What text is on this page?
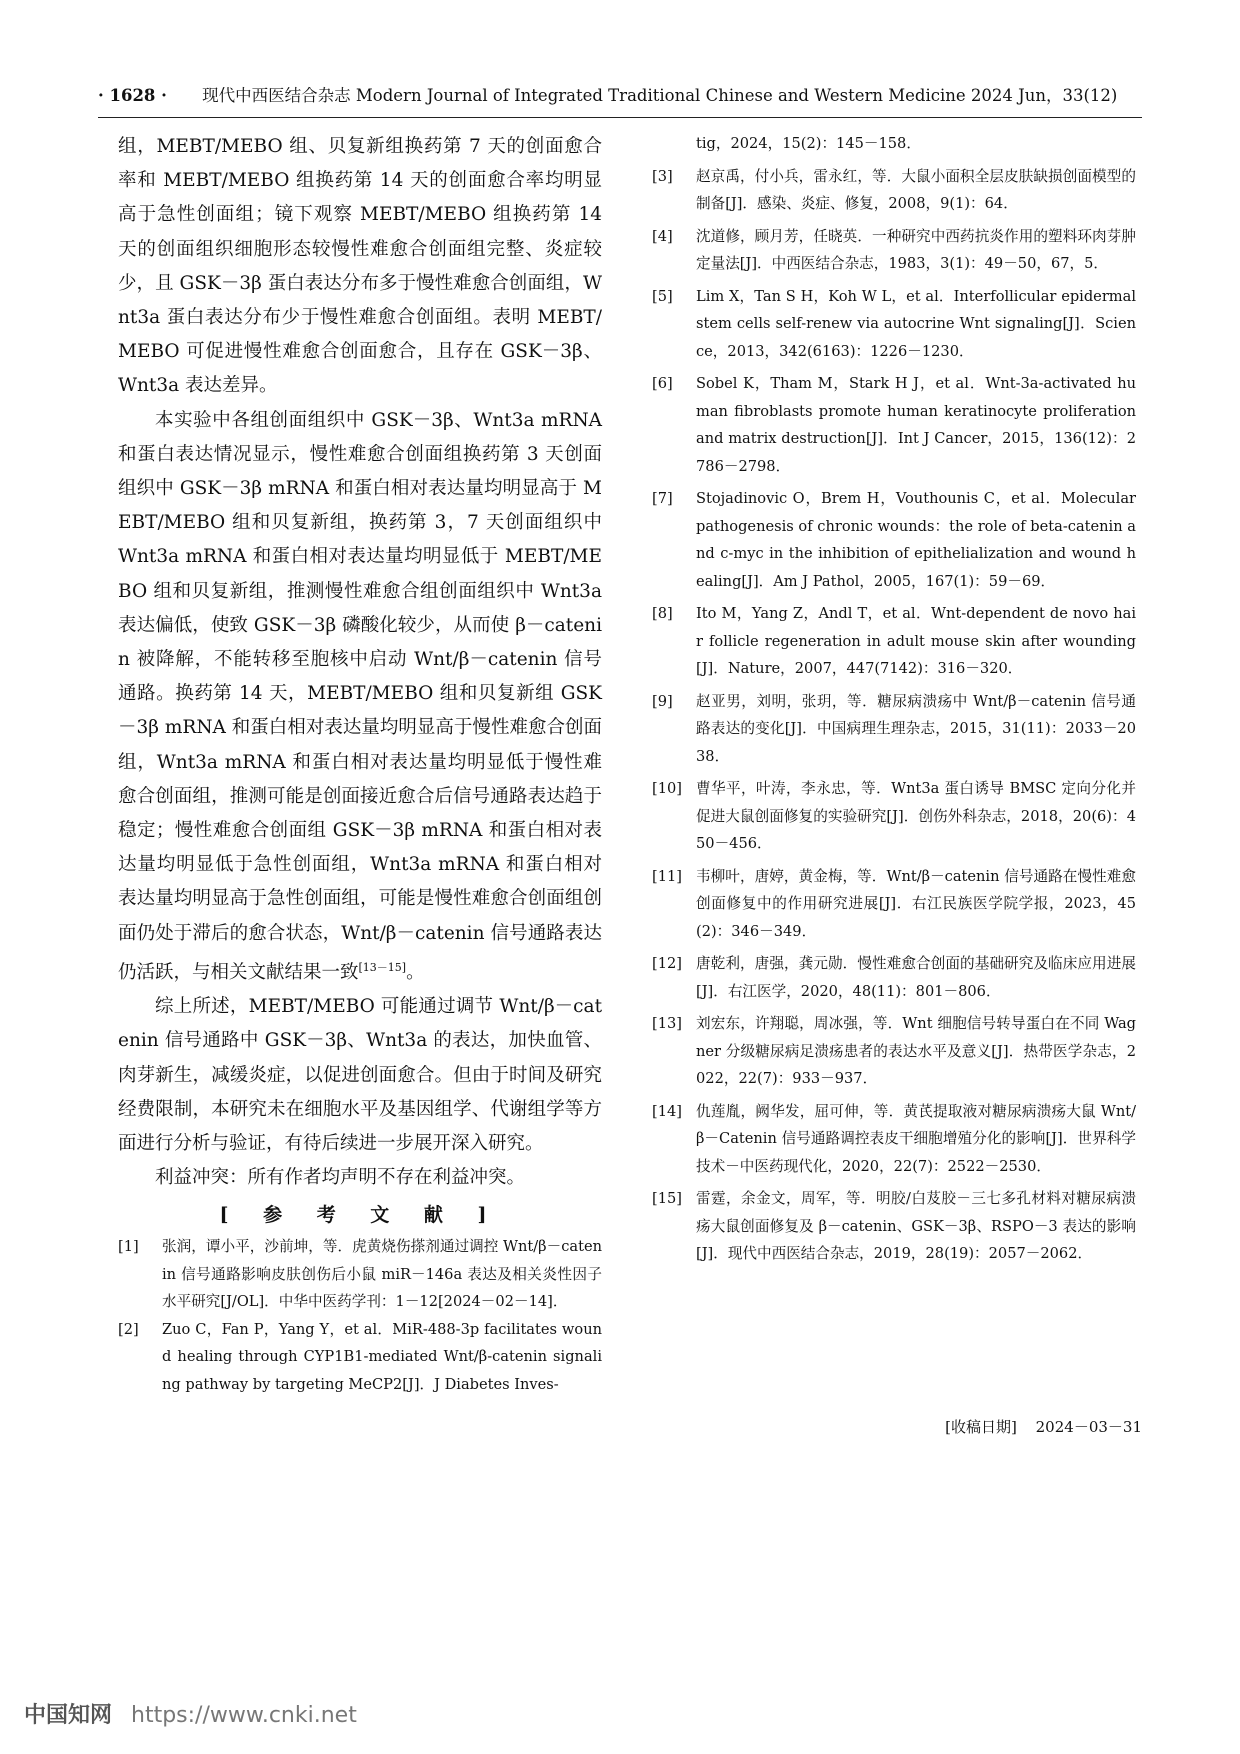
· 1628 · 现代中西医结合杂志 Modern Journal of Integrated Traditional Chinese and Western Medicine 2024 Jun，33(12)

组，MEBT/MEBO 组、贝复新组换药第 7 天的创面愈合率和 MEBT/MEBO 组换药第 14 天的创面愈合率均明显高于急性创面组；镜下观察 MEBT/MEBO 组换药第 14 天的创面组织细胞形态较慢性难愈合创面组完整、炎症较少，且 GSK－3β 蛋白表达分布多于慢性难愈合创面组，Wnt3a 蛋白表达分布少于慢性难愈合创面组。表明 MEBT/MEBO 可促进慢性难愈合创面愈合，且存在 GSK－3β、Wnt3a 表达差异。

本实验中各组创面组织中 GSK－3β、Wnt3a mRNA 和蛋白表达情况显示，慢性难愈合创面组换药第 3 天创面组织中 GSK－3β mRNA 和蛋白相对表达量均明显高于 MEBT/MEBO 组和贝复新组，换药第 3，7 天创面组织中 Wnt3a mRNA 和蛋白相对表达量均明显低于 MEBT/MEBO 组和贝复新组，推测慢性难愈合组创面组织中 Wnt3a 表达偏低，使致 GSK－3β 磷酸化较少，从而使 β－catenin 被降解，不能转移至胞核中启动 Wnt/β－catenin 信号通路。换药第 14 天，MEBT/MEBO 组和贝复新组 GSK－3β mRNA 和蛋白相对表达量均明显高于慢性难愈合创面组，Wnt3a mRNA 和蛋白相对表达量均明显低于慢性难愈合创面组，推测可能是创面接近愈合后信号通路表达趋于稳定；慢性难愈合创面组 GSK－3β mRNA 和蛋白相对表达量均明显低于急性创面组，Wnt3a mRNA 和蛋白相对表达量均明显高于急性创面组，可能是慢性难愈合创面组创面仍处于滞后的愈合状态，Wnt/β－catenin 信号通路表达仍活跃，与相关文献结果一致[13－15]。

综上所述，MEBT/MEBO 可能通过调节 Wnt/β－catenin 信号通路中 GSK－3β、Wnt3a 的表达，加快血管、肉芽新生，减缓炎症，以促进创面愈合。但由于时间及研究经费限制，本研究未在细胞水平及基因组学、代谢组学等方面进行分析与验证，有待后续进一步展开深入研究。

利益冲突：所有作者均声明不存在利益冲突。

[ 参 考 文 献 ]
[1]	张润，谭小平，沙前坤，等．虎黄烧伤搽剂通过调控 Wnt/β－catenin 信号通路影响皮肤创伤后小鼠 miR－146a 表达及相关炎性因子水平研究[J/OL]．中华中医药学刊：1－12[2024－02－14]．
[2]	Zuo C，Fan P，Yang Y，et al．MiR-488-3p facilitates wound healing through CYP1B1-mediated Wnt/β-catenin signaling pathway by targeting MeCP2[J]．J Diabetes Inves-
tig，2024，15(2)：145－158．
[3]	赵京禹，付小兵，雷永红，等．大鼠小面积全层皮肤缺损创面模型的制备[J]．感染、炎症、修复，2008，9(1)：64．
[4]	沈道修，顾月芳，任晓英．一种研究中西药抗炎作用的塑料环肉芽肿定量法[J]．中西医结合杂志，1983，3(1)：49－50，67，5．
[5]	Lim X，Tan S H，Koh W L，et al．Interfollicular epidermal stem cells self-renew via autocrine Wnt signaling[J]．Science，2013，342(6163)：1226－1230．
[6]	Sobel K，Tham M，Stark H J，et al．Wnt-3a-activated human fibroblasts promote human keratinocyte proliferation and matrix destruction[J]．Int J Cancer，2015，136(12)：2786－2798．
[7]	Stojadinovic O，Brem H，Vouthounis C，et al．Molecular pathogenesis of chronic wounds：the role of beta-catenin and c-myc in the inhibition of epithelialization and wound healing[J]．Am J Pathol，2005，167(1)：59－69．
[8]	Ito M，Yang Z，Andl T，et al．Wnt-dependent de novo hair follicle regeneration in adult mouse skin after wounding[J]．Nature，2007，447(7142)：316－320．
[9]	赵亚男，刘明，张玥，等．糖尿病溃疡中 Wnt/β－catenin 信号通路表达的变化[J]．中国病理生理杂志，2015，31(11)：2033－2038．
[10] 曹华平，叶涛，李永忠，等．Wnt3a 蛋白诱导 BMSC 定向分化并促进大鼠创面修复的实验研究[J]．创伤外科杂志，2018，20(6)：450－456．
[11] 韦柳叶，唐婷，黄金梅，等．Wnt/β－catenin 信号通路在慢性难愈创面修复中的作用研究进展[J]．右江民族医学院学报，2023，45(2)：346－349．
[12] 唐乾利，唐强，龚元勋．慢性难愈合创面的基础研究及临床应用进展[J]．右江医学，2020，48(11)：801－806．
[13] 刘宏东，许翔聪，周冰强，等．Wnt 细胞信号转导蛋白在不同 Wagner 分级糖尿病足溃疡患者的表达水平及意义[J]．热带医学杂志，2022，22(7)：933－937．
[14] 仇莲胤，阙华发，屈可伸，等．黄芪提取液对糖尿病溃疡大鼠 Wnt/β－Catenin 信号通路调控表皮干细胞增殖分化的影响[J]．世界科学技术－中医药现代化，2020，22(7)：2522－2530．
[15] 雷霆，余金文，周军，等．明胶/白芨胶－三七多孔材料对糖尿病溃疡大鼠创面修复及 β－catenin、GSK－3β、RSPO－3 表达的影响[J]．现代中西医结合杂志，2019，28(19)：2057－2062．
[收稿日期] 2024－03－31
中国知网 https://www.cnki.net
